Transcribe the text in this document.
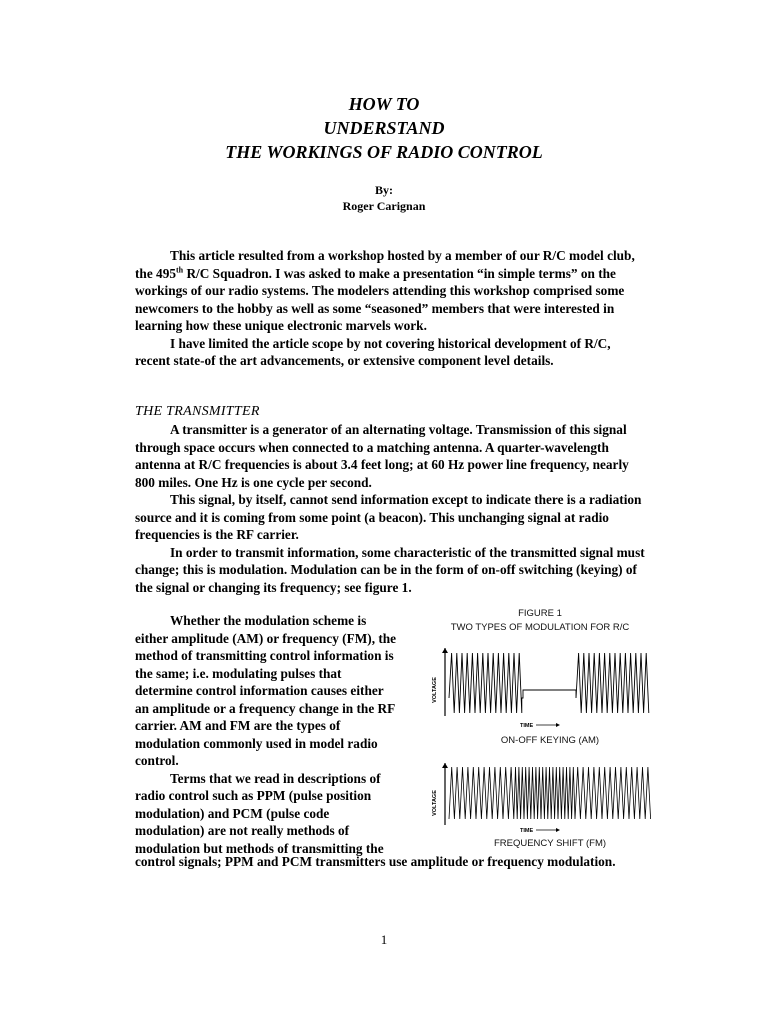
HOW TO
UNDERSTAND
THE WORKINGS OF RADIO CONTROL
By:
Roger Carignan

This article resulted from a workshop hosted by a member of our R/C model club, the 495th R/C Squadron. I was asked to make a presentation “in simple terms” on the workings of our radio systems. The modelers attending this workshop comprised some newcomers to the hobby as well as some “seasoned” members that were interested in learning how these unique electronic marvels work.

I have limited the article scope by not covering historical development of R/C, recent state-of the art advancements, or extensive component level details.

THE TRANSMITTER

A transmitter is a generator of an alternating voltage. Transmission of this signal through space occurs when connected to a matching antenna. A quarter-wavelength antenna at R/C frequencies is about 3.4 feet long; at 60 Hz power line frequency, nearly 800 miles. One Hz is one cycle per second.

This signal, by itself, cannot send information except to indicate there is a radiation source and it is coming from some point (a beacon). This unchanging signal at radio frequencies is the RF carrier.

In order to transmit information, some characteristic of the transmitted signal must change; this is modulation. Modulation can be in the form of on-off switching (keying) of the signal or changing its frequency; see figure 1.

Whether the modulation scheme is either amplitude (AM) or frequency (FM), the method of transmitting control information is the same; i.e. modulating pulses that determine control information causes either an amplitude or a frequency change in the RF carrier. AM and FM are the types of modulation commonly used in model radio control.

Terms that we read in descriptions of radio control such as PPM (pulse position modulation) and PCM (pulse code modulation) are not really methods of modulation but methods of transmitting the

control signals; PPM and PCM transmitters use amplitude or frequency modulation.

FIGURE 1
TWO TYPES OF MODULATION FOR R/C
VOLTAGE
TIME
ON-OFF KEYING (AM)
VOLTAGE
TIME
FREQUENCY SHIFT (FM)
1
